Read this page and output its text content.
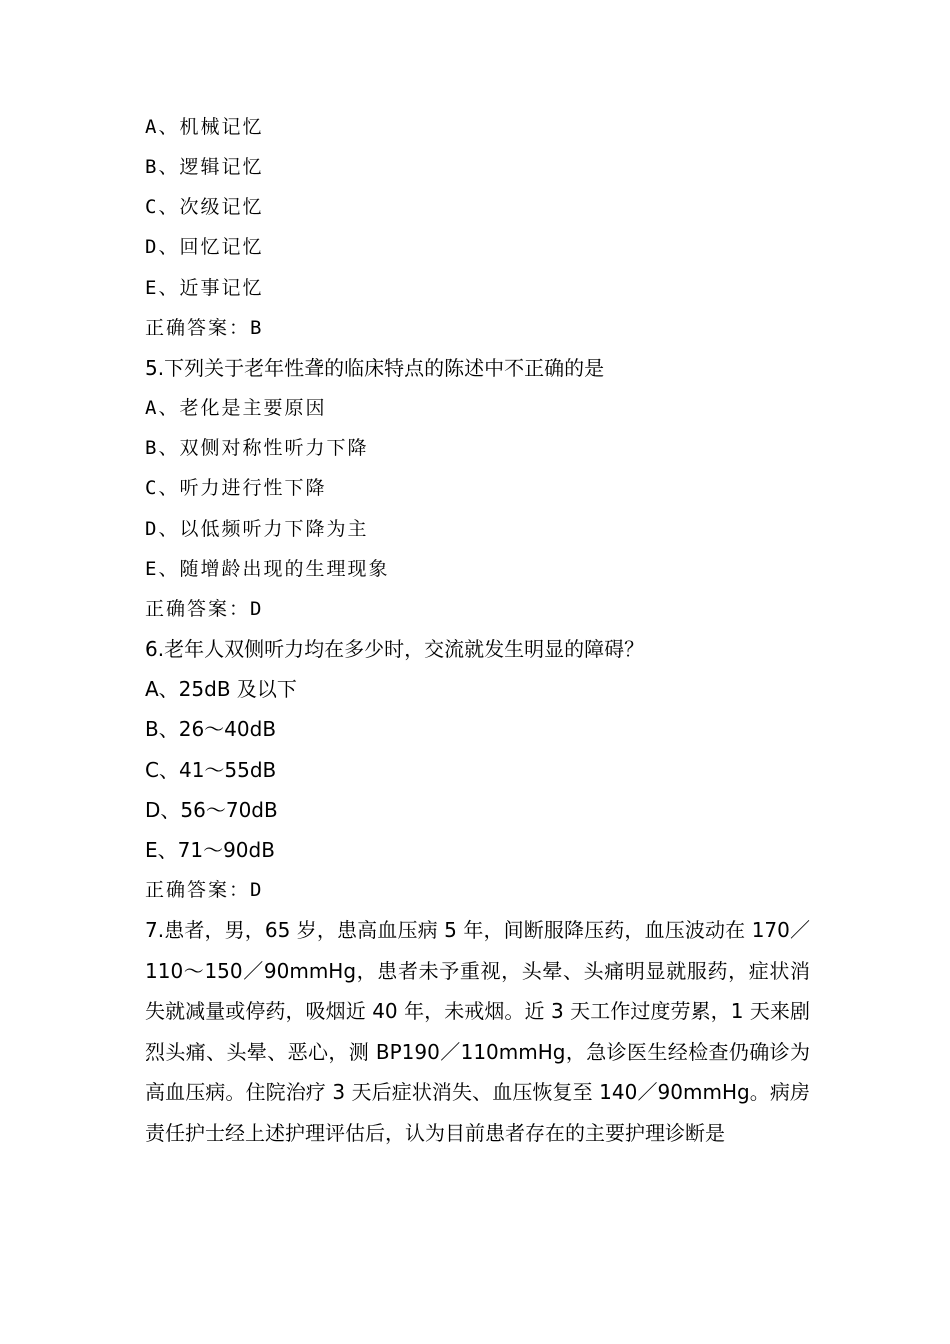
A、机械记忆
B、逻辑记忆
C、次级记忆
D、回忆记忆
E、近事记忆
正确答案：B
5.下列关于老年性聋的临床特点的陈述中不正确的是
A、老化是主要原因
B、双侧对称性听力下降
C、听力进行性下降
D、以低频听力下降为主
E、随增龄出现的生理现象
正确答案：D
6.老年人双侧听力均在多少时，交流就发生明显的障碍？
A、25dB 及以下
B、26～40dB
C、41～55dB
D、56～70dB
E、71～90dB
正确答案：D
7.患者，男，65 岁，患高血压病 5 年，间断服降压药，血压波动在 170／110～150／90mmHg，患者未予重视，头晕、头痛明显就服药，症状消失就减量或停药，吸烟近 40 年，未戒烟。近 3 天工作过度劳累，1 天来剧烈头痛、头晕、恶心，测 BP190／110mmHg，急诊医生经检查仍确诊为高血压病。住院治疗 3 天后症状消失、血压恢复至 140／90mmHg。病房责任护士经上述护理评估后，认为目前患者存在的主要护理诊断是
